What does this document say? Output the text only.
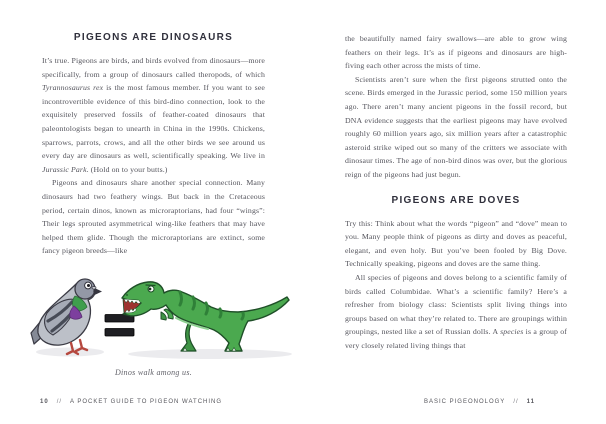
PIGEONS ARE DINOSAURS

It’s true. Pigeons are birds, and birds evolved from dinosaurs—more specifically, from a group of dinosaurs called theropods, of which Tyrannosaurus rex is the most famous member. If you want to see incontrovertible evidence of this bird-dino connection, look to the exquisitely preserved fossils of feather-coated dinosaurs that paleontologists began to unearth in China in the 1990s. Chickens, sparrows, parrots, crows, and all the other birds we see around us every day are dinosaurs as well, scientifically speaking. We live in Jurassic Park. (Hold on to your butts.)

Pigeons and dinosaurs share another special connection. Many dinosaurs had two feathery wings. But back in the Cretaceous period, certain dinos, known as microraptorians, had four “wings”: Their legs sprouted asymmetrical wing-like feathers that may have helped them glide. Though the microraptorians are extinct, some fancy pigeon breeds—like

Dinos walk among us.
10 // A POCKET GUIDE TO PIGEON WATCHING

the beautifully named fairy swallows—are able to grow wing feathers on their legs. It’s as if pigeons and dinosaurs are high-fiving each other across the mists of time.

Scientists aren’t sure when the first pigeons strutted onto the scene. Birds emerged in the Jurassic period, some 150 million years ago. There aren’t many ancient pigeons in the fossil record, but DNA evidence suggests that the earliest pigeons may have evolved roughly 60 million years ago, six million years after a catastrophic asteroid strike wiped out so many of the critters we associate with dinosaur times. The age of non-bird dinos was over, but the glorious reign of the pigeons had just begun.

PIGEONS ARE DOVES

Try this: Think about what the words “pigeon” and “dove” mean to you. Many people think of pigeons as dirty and doves as peaceful, elegant, and even holy. But you’ve been fooled by Big Dove. Technically speaking, pigeons and doves are the same thing.

All species of pigeons and doves belong to a scientific family of birds called Columbidae. What’s a scientific family? Here’s a refresher from biology class: Scientists split living things into groups based on what they’re related to. There are groupings within groupings, nested like a set of Russian dolls. A species is a group of very closely related living things that

BASIC PIGEONOLOGY // 11
